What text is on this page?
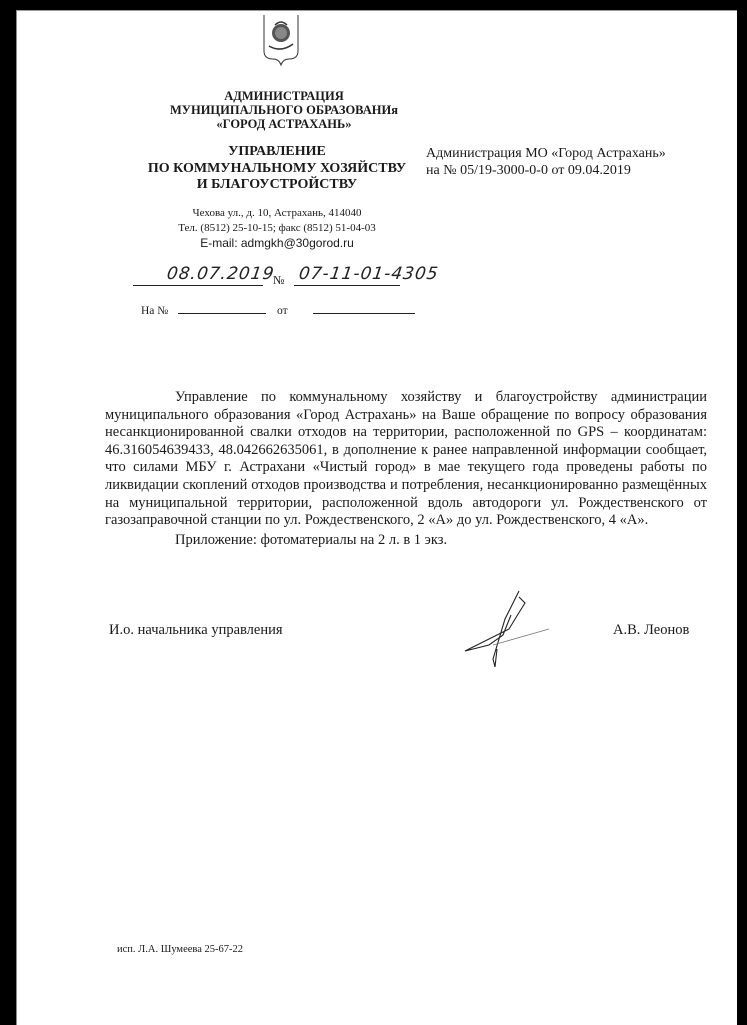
АДМИНИСТРАЦИЯ
МУНИЦИПАЛЬНОГО ОБРАЗОВАНИя
«ГОРОД АСТРАХАНЬ»
УПРАВЛЕНИЕ
ПО КОММУНАЛЬНОМУ ХОЗЯЙСТВУ
И БЛАГОУСТРОЙСТВУ
Чехова ул., д. 10, Астрахань, 414040
Тел. (8512) 25-10-15; факс (8512) 51-04-03
E-mail: admgkh@30gorod.ru
Администрация МО «Город Астрахань»
на № 05/19-3000-0-0 от 09.04.2019
08.07.2019
№ 07-11-01-4305
На №	от

Управление по коммунальному хозяйству и благоустройству администрации муниципального образования «Город Астрахань» на Ваше обращение по вопросу образования несанкционированной свалки отходов на территории, расположенной по GPS – координатам: 46.316054639433, 48.042662635061, в дополнение к ранее направленной информации сообщает, что силами МБУ г. Астрахани «Чистый город» в мае текущего года проведены работы по ликвидации скоплений отходов производства и потребления, несанкционированно размещённых на муниципальной территории, расположенной вдоль автодороги ул. Рождественского от газозаправочной станции по ул. Рождественского, 2 «А» до ул. Рождественского, 4 «А».

Приложение: фотоматериалы на 2 л. в 1 экз.

И.о. начальника управления	А.В. Леонов
исп. Л.А. Шумеева 25-67-22
